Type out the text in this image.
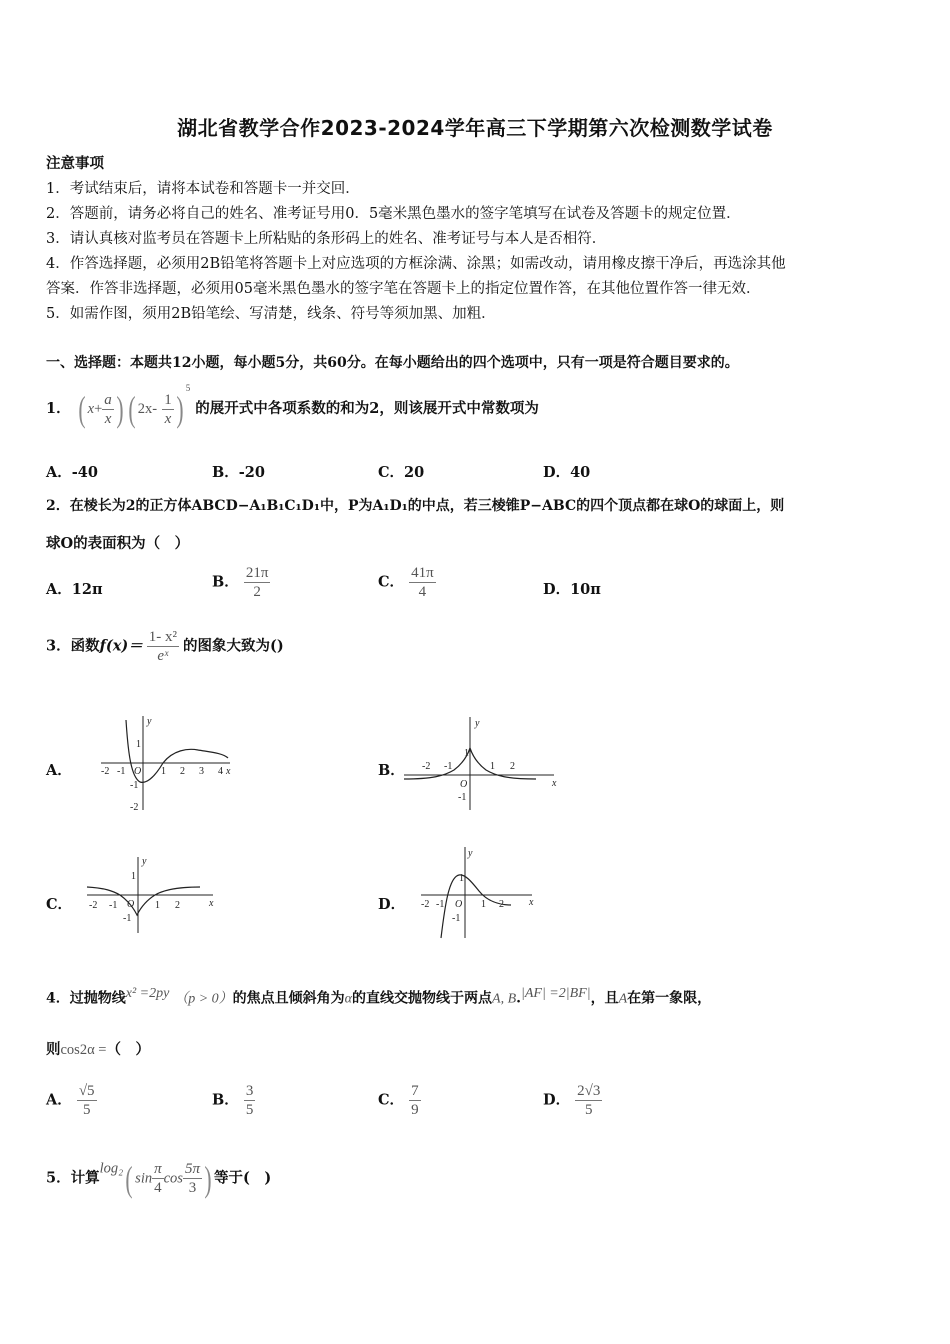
湖北省教学合作2023-2024学年高三下学期第六次检测数学试卷
注意事项
1．考试结束后，请将本试卷和答题卡一并交回．
2．答题前，请务必将自己的姓名、准考证号用0．5毫米黑色墨水的签字笔填写在试卷及答题卡的规定位置．
3．请认真核对监考员在答题卡上所粘贴的条形码上的姓名、准考证号与本人是否相符．
4．作答选择题，必须用2B铅笔将答题卡上对应选项的方框涂满、涂黑；如需改动，请用橡皮擦干净后，再选涂其他
答案．作答非选择题，必须用05毫米黑色墨水的签字笔在答题卡上的指定位置作答，在其他位置作答一律无效．
5．如需作图，须用2B铅笔绘、写清楚，线条、符号等须加黑、加粗．
一、选择题：本题共12小题，每小题5分，共60分。在每小题给出的四个选项中，只有一项是符合题目要求的。
1． ( $x+ \frac{a}{x}$ ) ( $2x- \frac{1}{x} )^5$ 的展开式中各项系数的和为2，则该展开式中常数项为
A．-40	B．-20	C．20	D．40
2．在棱长为2的正方体ABCD−A₁B₁C₁D₁中，P为A₁D₁的中点，若三棱锥P−ABC的四个顶点都在球O的球面上，则
球O的表面积为（　）
A．12π	B． $\frac{21\pi}{2}$	C． $\frac{41\pi}{4}$	D．10π
3．函数$f(x)= \frac{\text{1- x²}}{\text{eˣ}}$ 的图象大致为()
A．	B．
C．	D．
-2 -1 O 1 2 3 4 x
1
-1
-2
y
-2 -1
O
1 2
x
1
-1
y
-2 -1 O 1 2	x
1
-1
y
-2 -1 O 1 2	x
1
-1
y
4．过抛物线$^{x^2 =2py}$ （p > 0）的焦点且倾斜角为α的直线交抛物线于两点A, B.$^{|AF| =2|BF|}$，且A在第一象限，
则cos2α =（　）
A． $\frac{√5}{5}$	B． $\frac{3}{5}$	C． $\frac{7}{9}$	D． $\frac{2√3}{5}$
5．计算log₂( $\sin \frac{\pi}{4}$ $\cos \frac{5\pi}{3}$ ) 等于(　)
